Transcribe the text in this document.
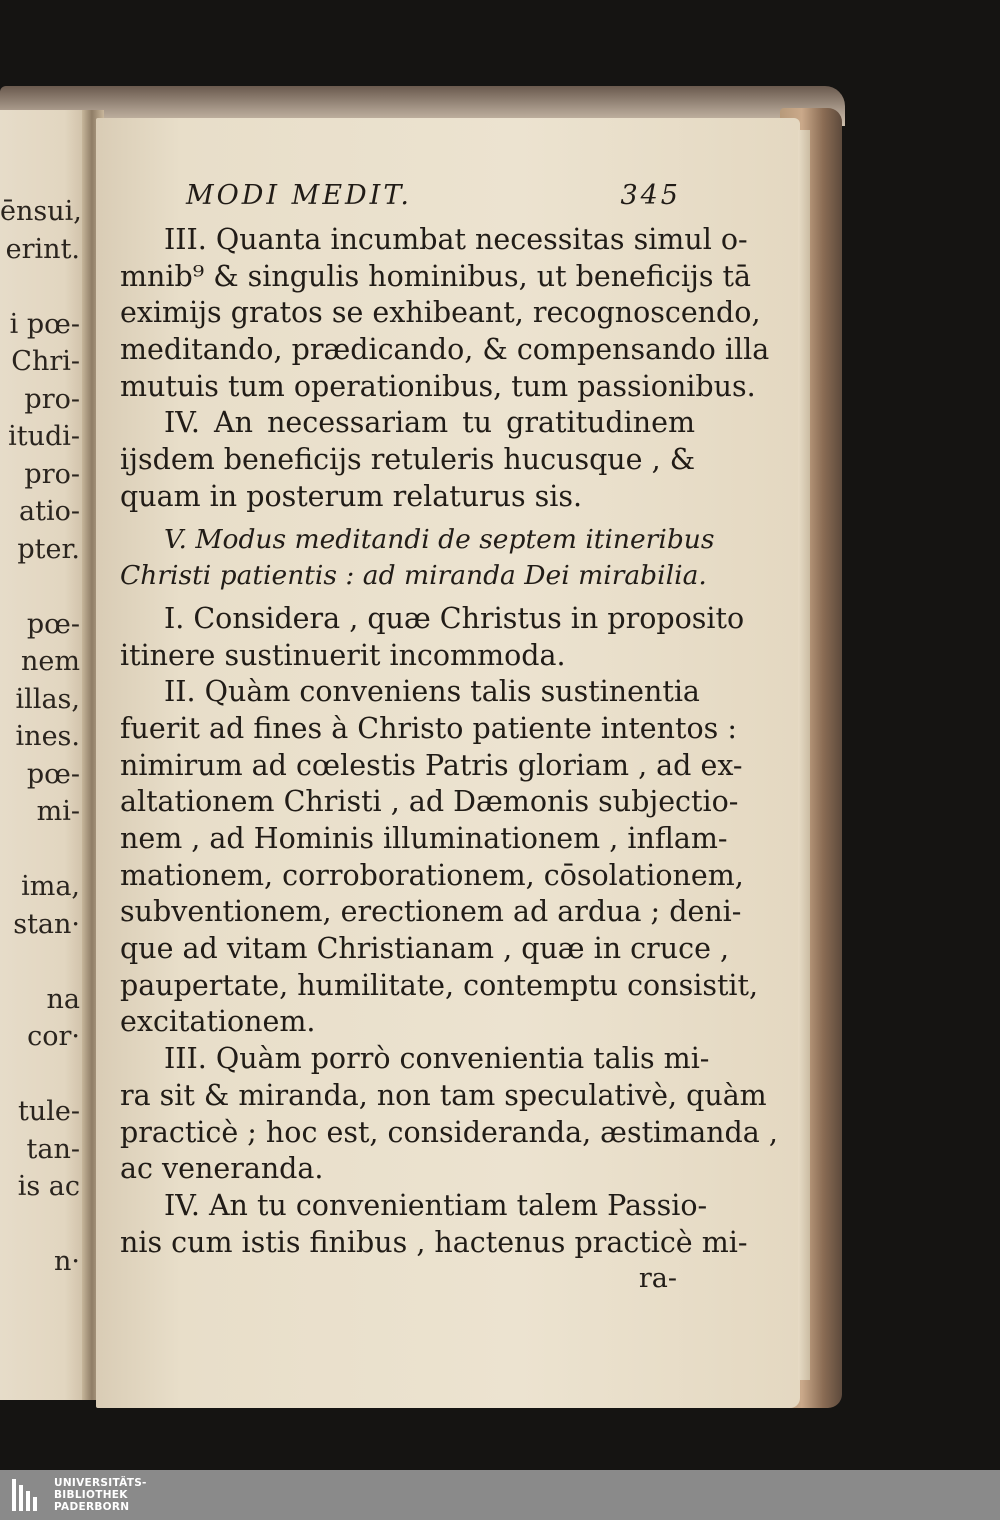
ēnsui,
erint.
i pœ-
Chri-
pro-
itudi-
pro-
atio-
pter.
pœ-
nem
illas,
ines.
pœ-
mi-
ima,
stan·
na
cor·
tule-
tan-
is ac
n·
MODI MEDIT.	345
III. Quanta incumbat necessitas simul o-
mnib⁹ & singulis hominibus, ut beneficijs tā
eximijs gratos se exhibeant, recognoscendo,
meditando, prædicando, & compensando illa
mutuis tum operationibus, tum passionibus.
IV. An necessariam tu gratitudinem
ijsdem beneficijs retuleris hucusque , &
quam in posterum relaturus sis.
V. Modus meditandi de septem itineribus
Christi patientis : ad miranda Dei mirabilia.
I. Considera , quæ Christus in proposito
itinere sustinuerit incommoda.
II. Quàm conveniens talis sustinentia
fuerit ad fines à Christo patiente intentos :
nimirum ad cœlestis Patris gloriam , ad ex-
altationem Christi , ad Dæmonis subjectio-
nem , ad Hominis illuminationem , inflam-
mationem, corroborationem, cōsolationem,
subventionem, erectionem ad ardua ; deni-
que ad vitam Christianam , quæ in cruce ,
paupertate, humilitate, contemptu consistit,
excitationem.
III. Quàm porrò convenientia talis mi-
ra sit & miranda, non tam speculativè, quàm
practicè ; hoc est, consideranda, æstimanda ,
ac veneranda.
IV. An tu convenientiam talem Passio-
nis cum istis finibus , hactenus practicè mi-
ra-
UNIVERSITÄTS-
BIBLIOTHEK
PADERBORN
